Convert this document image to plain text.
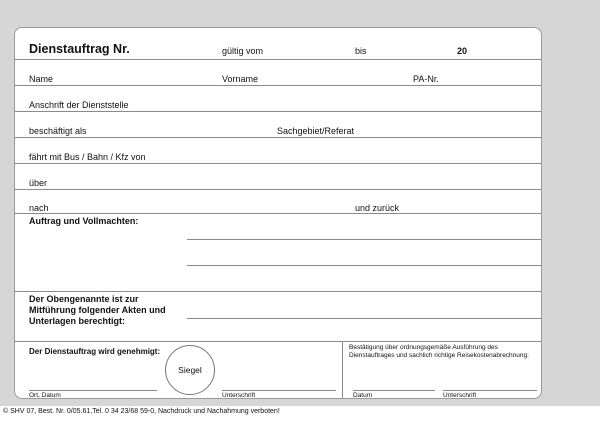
Dienstauftrag Nr.	gültig vom	bis	20
Name	Vorname	PA-Nr.
Anschrift der Dienststelle
beschäftigt als	Sachgebiet/Referat
fährt mit Bus / Bahn / Kfz von
über
nach	und zurück
Auftrag und Vollmachten:
Der Obengenannte ist zur Mitführung folgender Akten und Unterlagen berechtigt:
Der Dienstauftrag wird genehmigt:
Siegel
Ort, Datum	Unterschrift
Bestätigung über ordnungsgemäße Ausführung des Dienstauftrages und sachlich richtige Reisekostenabrechnung:
Datum	Unterschrift
© SHV 07, Best. Nr. 0/05.61,Tel. 0 34 23/68 59-0, Nachdruck und Nachahmung verboten!
